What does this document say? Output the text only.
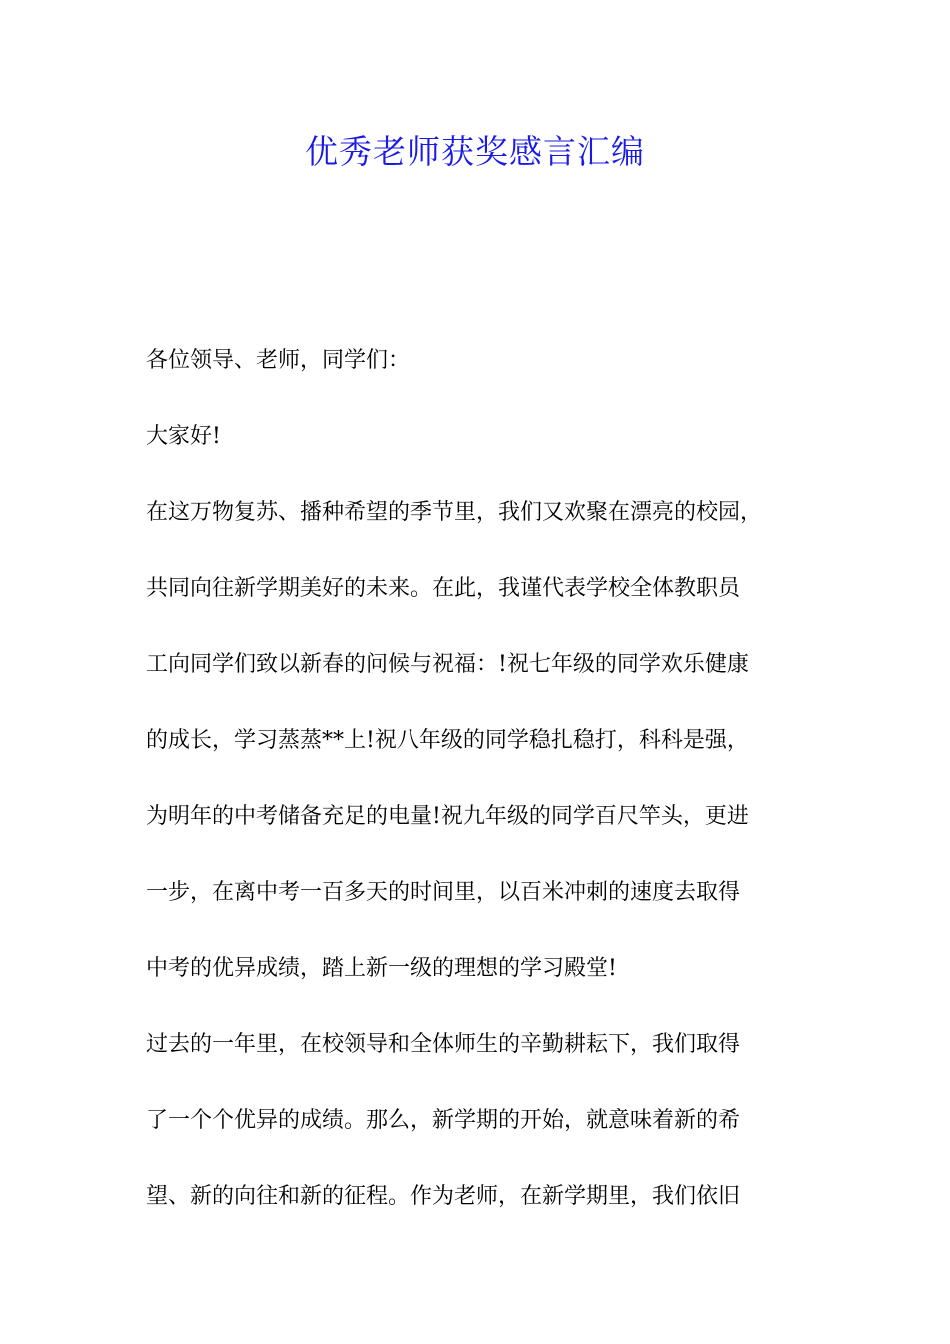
优秀老师获奖感言汇编
各位领导、老师，同学们：
大家好!
在这万物复苏、播种希望的季节里，我们又欢聚在漂亮的校园，
共同向往新学期美好的未来。在此，我谨代表学校全体教职员
工向同学们致以新春的问候与祝福：!祝七年级的同学欢乐健康
的成长，学习蒸蒸**上!祝八年级的同学稳扎稳打，科科是强，
为明年的中考储备充足的电量!祝九年级的同学百尺竿头，更进
一步，在离中考一百多天的时间里，以百米冲刺的速度去取得
中考的优异成绩，踏上新一级的理想的学习殿堂!
过去的一年里，在校领导和全体师生的辛勤耕耘下，我们取得
了一个个优异的成绩。那么，新学期的开始，就意味着新的希
望、新的向往和新的征程。作为老师，在新学期里，我们依旧
